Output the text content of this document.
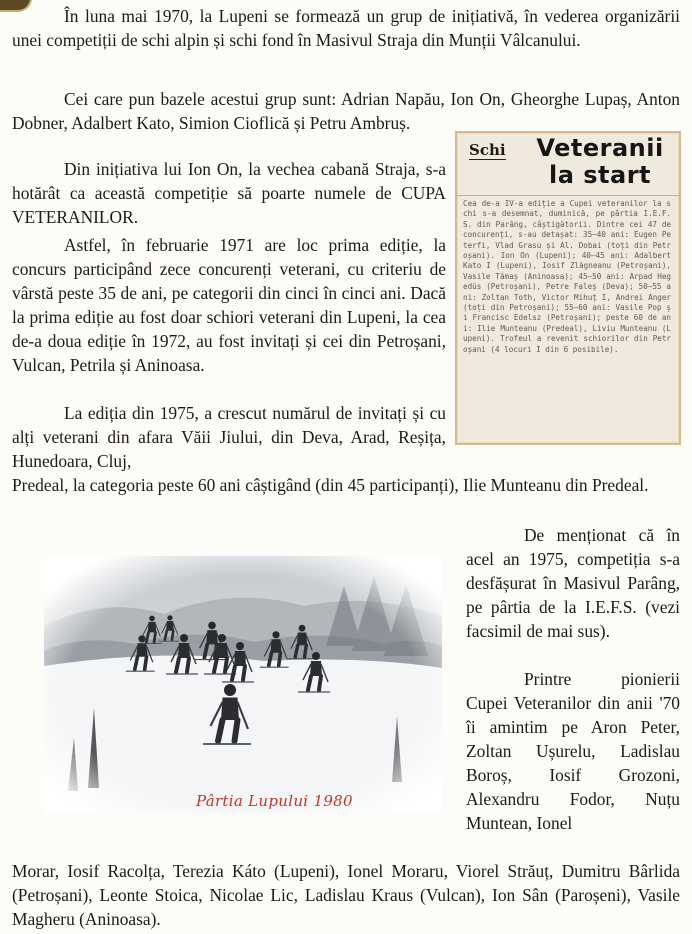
În luna mai 1970, la Lupeni se formează un grup de inițiativă, în vederea organizării unei competiții de schi alpin și schi fond în Masivul Straja din Munții Vâlcanului.

Cei care pun bazele acestui grup sunt: Adrian Napău, Ion On, Gheorghe Lupaș, Anton Dobner, Adalbert Kato, Simion Cioflică și Petru Ambruș.

Schi	Veteranii la start
Cea de-a IV-a ediție a Cupei veteranilor la schi s-a desemnat, duminică, pe pârtia I.E.F.S. din Parâng, câștigătorii. Dintre cei 47 de concurenți, s-au detașat: 35—40 ani: Eugen Peterfi, Vlad Grasu și Al. Dobai (toți din Petroșani). Ion On (Lupeni); 40—45 ani: Adalbert Kato I (Lupeni), Iosif Zlăgneanu (Petroșani), Vasile Tămaș (Aninoasa); 45—50 ani: Arpad Hegedüs (Petroșani), Petre Faleș (Deva); 50—55 ani: Zoltan Toth, Victor Mihuț I, Andrei Anger (toți din Petroșani); 55—60 ani: Vasile Pop și Francisc Edelsz (Petroșani); peste 60 de ani: Ilie Munteanu (Predeal), Liviu Munteanu (Lupeni). Trofeul a revenit schiorilor din Petroșani (4 locuri I din 6 posibile).

Din inițiativa lui Ion On, la vechea cabană Straja, s-a hotărât ca această competiție să poarte numele de CUPA VETERANILOR.

Astfel, în februarie 1971 are loc prima ediție, la concurs participând zece concurenți veterani, cu criteriu de vârstă peste 35 de ani, pe categorii din cinci în cinci ani. Dacă la prima ediție au fost doar schiori veterani din Lupeni, la cea de-a doua ediție în 1972, au fost invitați și cei din Petroșani, Vulcan, Petrila și Aninoasa.

La ediția din 1975, a crescut numărul de invitați și cu alți veterani din afara Văii Jiului, din Deva, Arad, Reșița, Hunedoara, Cluj,

Predeal, la categoria peste 60 ani câștigând (din 45 participanți), Ilie Munteanu din Predeal.

De menționat că în acel an 1975, competiția s-a desfășurat în Masivul Parâng, pe pârtia de la I.E.F.S. (vezi facsimil de mai sus).

Printre pionierii Cupei Veteranilor din anii '70 îi amintim pe Aron Peter, Zoltan Ușurelu, Ladislau Boroș, Iosif Grozoni, Alexandru Fodor, Nuțu Muntean, Ionel

Morar, Iosif Racolța, Terezia Káto (Lupeni), Ionel Moraru, Viorel Străuț, Dumitru Bârlida (Petroșani), Leonte Stoica, Nicolae Lic, Ladislau Kraus (Vulcan), Ion Sân (Paroșeni), Vasile Magheru (Aninoasa).

Pârtia Lupului 1980
